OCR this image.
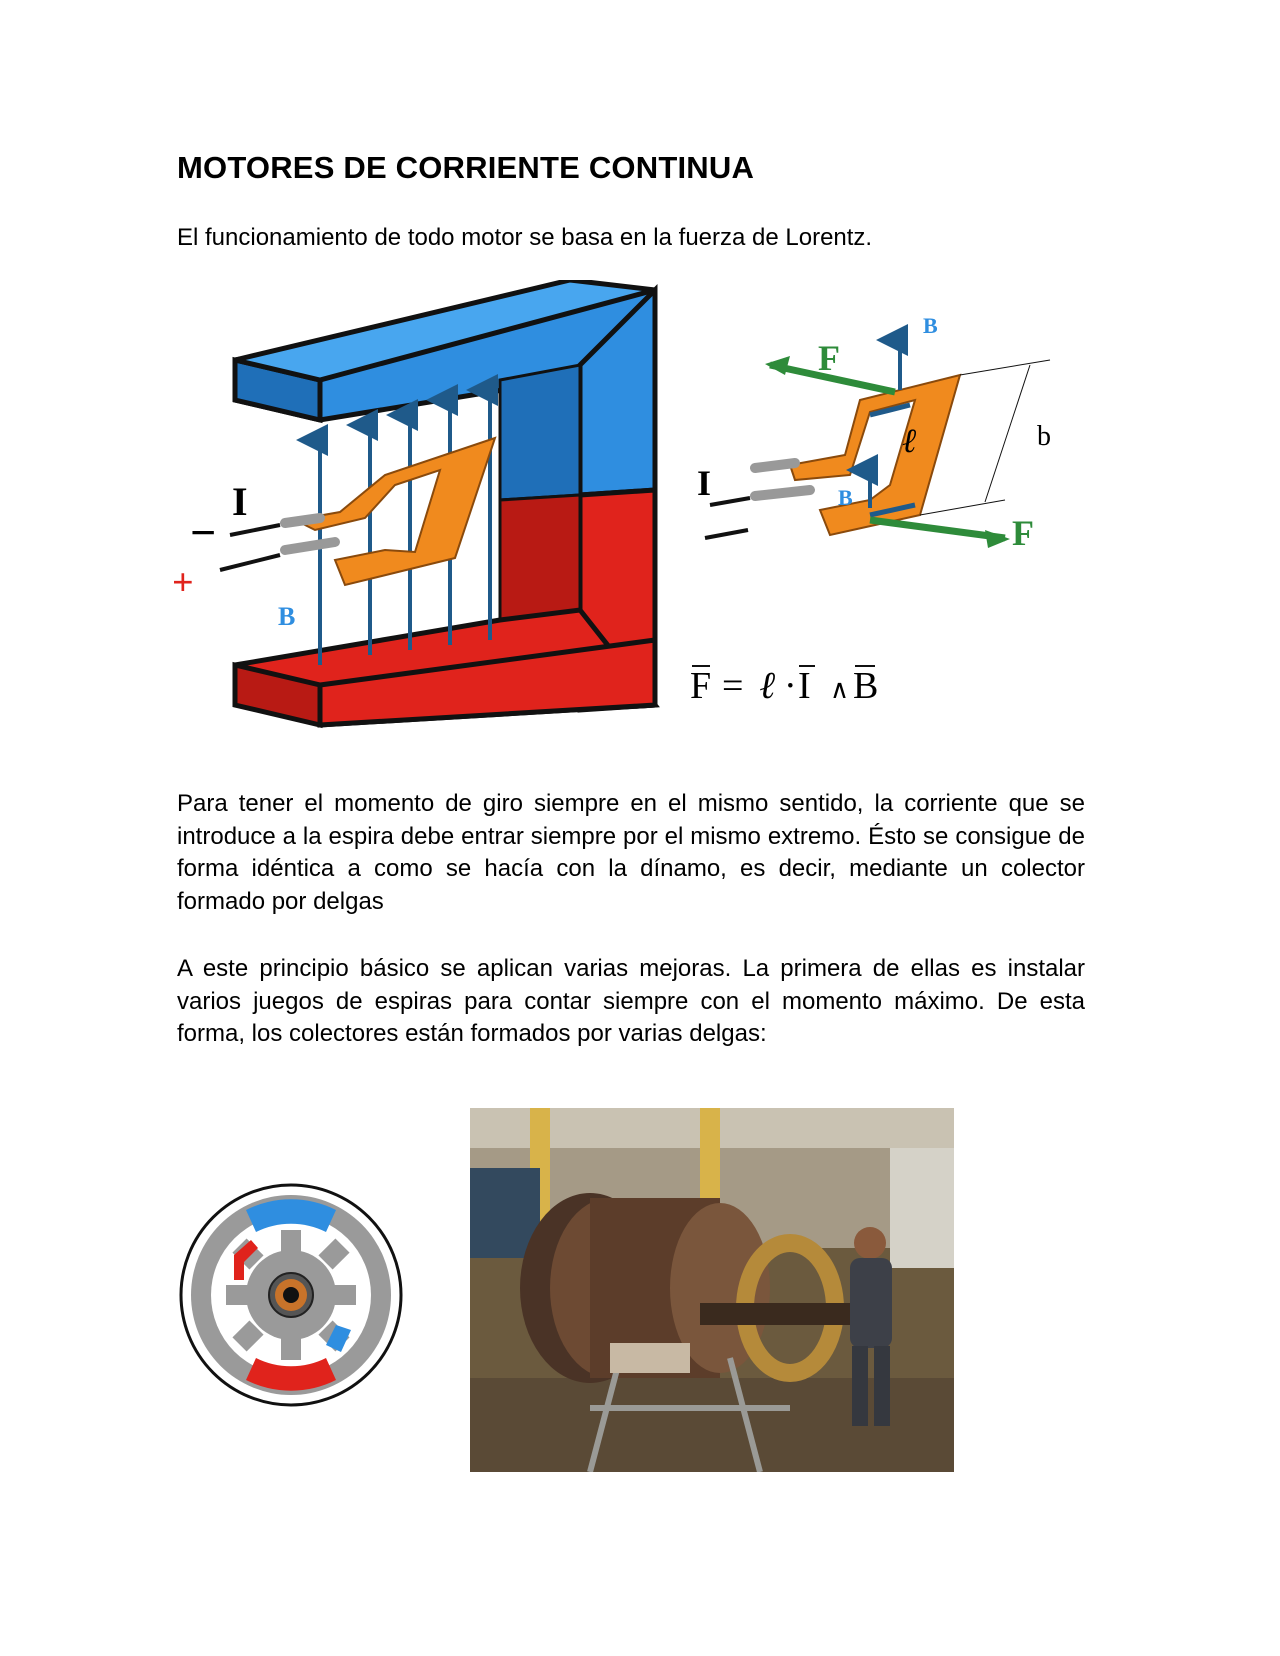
MOTORES DE CORRIENTE CONTINUA

El funcionamiento de todo motor se basa en la fuerza de Lorentz.

I
−
+
B
B
B
F
F
ℓ	b
I
F = ℓ · I ∧ B

Para tener el momento de giro siempre en el mismo sentido, la corriente que se introduce a la espira debe entrar siempre por el mismo extremo. Ésto se consigue de forma idéntica a como se hacía con la dínamo, es decir, mediante un colector formado por delgas

A este principio básico se aplican varias mejoras. La primera de ellas es instalar varios juegos de espiras para contar siempre con el momento máximo. De esta forma, los colectores están formados por varias delgas:
